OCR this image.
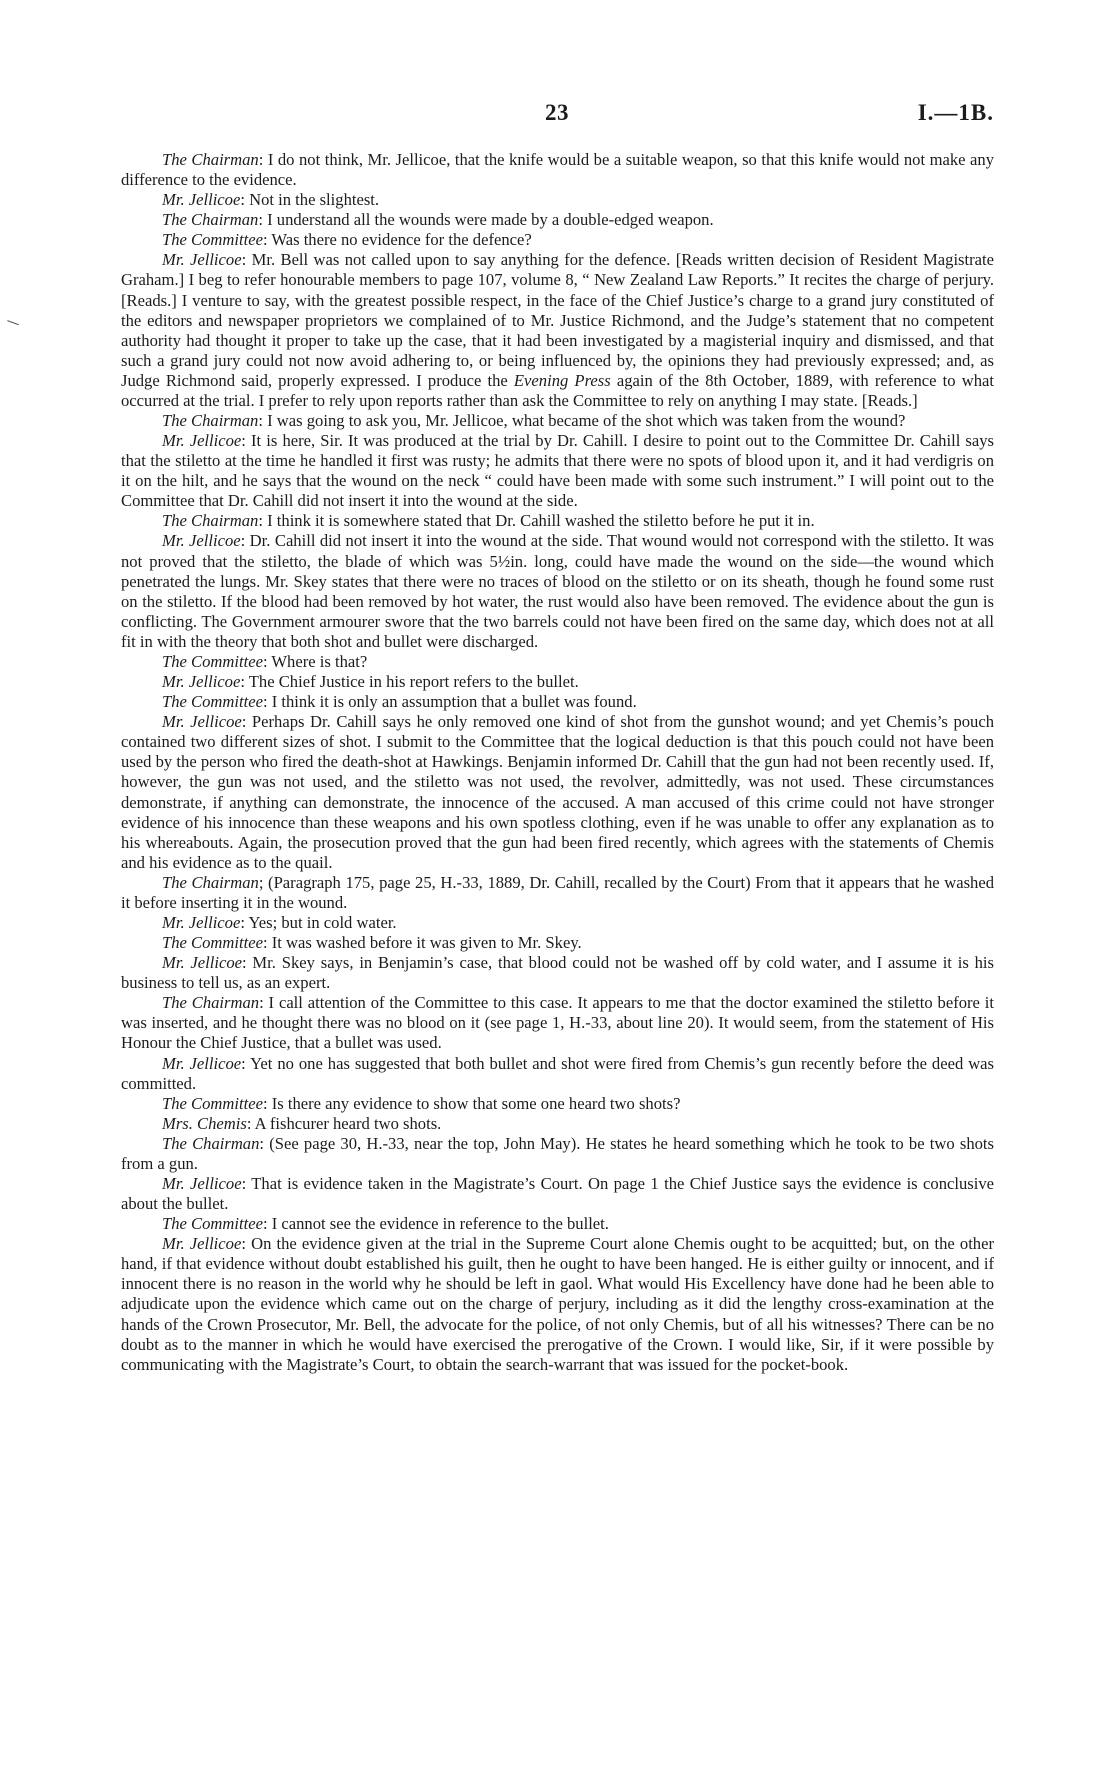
23	I.—1B.

The Chairman: I do not think, Mr. Jellicoe, that the knife would be a suitable weapon, so that this knife would not make any difference to the evidence.

Mr. Jellicoe: Not in the slightest.

The Chairman: I understand all the wounds were made by a double-edged weapon.

The Committee: Was there no evidence for the defence?

Mr. Jellicoe: Mr. Bell was not called upon to say anything for the defence. [Reads written decision of Resident Magistrate Graham.] I beg to refer honourable members to page 107, volume 8, “ New Zealand Law Reports.” It recites the charge of perjury. [Reads.] I venture to say, with the greatest possible respect, in the face of the Chief Justice’s charge to a grand jury constituted of the editors and newspaper proprietors we complained of to Mr. Justice Richmond, and the Judge’s statement that no competent authority had thought it proper to take up the case, that it had been investigated by a magisterial inquiry and dismissed, and that such a grand jury could not now avoid adhering to, or being influenced by, the opinions they had previously expressed; and, as Judge Richmond said, properly expressed. I produce the Evening Press again of the 8th October, 1889, with reference to what occurred at the trial. I prefer to rely upon reports rather than ask the Committee to rely on anything I may state. [Reads.]

The Chairman: I was going to ask you, Mr. Jellicoe, what became of the shot which was taken from the wound?

Mr. Jellicoe: It is here, Sir. It was produced at the trial by Dr. Cahill. I desire to point out to the Committee Dr. Cahill says that the stiletto at the time he handled it first was rusty; he admits that there were no spots of blood upon it, and it had verdigris on it on the hilt, and he says that the wound on the neck “ could have been made with some such instrument.” I will point out to the Committee that Dr. Cahill did not insert it into the wound at the side.

The Chairman: I think it is somewhere stated that Dr. Cahill washed the stiletto before he put it in.

Mr. Jellicoe: Dr. Cahill did not insert it into the wound at the side. That wound would not correspond with the stiletto. It was not proved that the stiletto, the blade of which was 5½in. long, could have made the wound on the side—the wound which penetrated the lungs. Mr. Skey states that there were no traces of blood on the stiletto or on its sheath, though he found some rust on the stiletto. If the blood had been removed by hot water, the rust would also have been removed. The evidence about the gun is conflicting. The Government armourer swore that the two barrels could not have been fired on the same day, which does not at all fit in with the theory that both shot and bullet were discharged.

The Committee: Where is that?

Mr. Jellicoe: The Chief Justice in his report refers to the bullet.

The Committee: I think it is only an assumption that a bullet was found.

Mr. Jellicoe: Perhaps Dr. Cahill says he only removed one kind of shot from the gunshot wound; and yet Chemis’s pouch contained two different sizes of shot. I submit to the Committee that the logical deduction is that this pouch could not have been used by the person who fired the death-shot at Hawkings. Benjamin informed Dr. Cahill that the gun had not been recently used. If, however, the gun was not used, and the stiletto was not used, the revolver, admittedly, was not used. These circumstances demonstrate, if anything can demonstrate, the innocence of the accused. A man accused of this crime could not have stronger evidence of his innocence than these weapons and his own spotless clothing, even if he was unable to offer any explanation as to his whereabouts. Again, the prosecution proved that the gun had been fired recently, which agrees with the statements of Chemis and his evidence as to the quail.

The Chairman; (Paragraph 175, page 25, H.-33, 1889, Dr. Cahill, recalled by the Court) From that it appears that he washed it before inserting it in the wound.

Mr. Jellicoe: Yes; but in cold water.

The Committee: It was washed before it was given to Mr. Skey.

Mr. Jellicoe: Mr. Skey says, in Benjamin’s case, that blood could not be washed off by cold water, and I assume it is his business to tell us, as an expert.

The Chairman: I call attention of the Committee to this case. It appears to me that the doctor examined the stiletto before it was inserted, and he thought there was no blood on it (see page 1, H.-33, about line 20). It would seem, from the statement of His Honour the Chief Justice, that a bullet was used.

Mr. Jellicoe: Yet no one has suggested that both bullet and shot were fired from Chemis’s gun recently before the deed was committed.

The Committee: Is there any evidence to show that some one heard two shots?

Mrs. Chemis: A fishcurer heard two shots.

The Chairman: (See page 30, H.-33, near the top, John May). He states he heard something which he took to be two shots from a gun.

Mr. Jellicoe: That is evidence taken in the Magistrate’s Court. On page 1 the Chief Justice says the evidence is conclusive about the bullet.

The Committee: I cannot see the evidence in reference to the bullet.

Mr. Jellicoe: On the evidence given at the trial in the Supreme Court alone Chemis ought to be acquitted; but, on the other hand, if that evidence without doubt established his guilt, then he ought to have been hanged. He is either guilty or innocent, and if innocent there is no reason in the world why he should be left in gaol. What would His Excellency have done had he been able to adjudicate upon the evidence which came out on the charge of perjury, including as it did the lengthy cross-examination at the hands of the Crown Prosecutor, Mr. Bell, the advocate for the police, of not only Chemis, but of all his witnesses? There can be no doubt as to the manner in which he would have exercised the prerogative of the Crown. I would like, Sir, if it were possible by communicating with the Magistrate’s Court, to obtain the search-warrant that was issued for the pocket-book.
